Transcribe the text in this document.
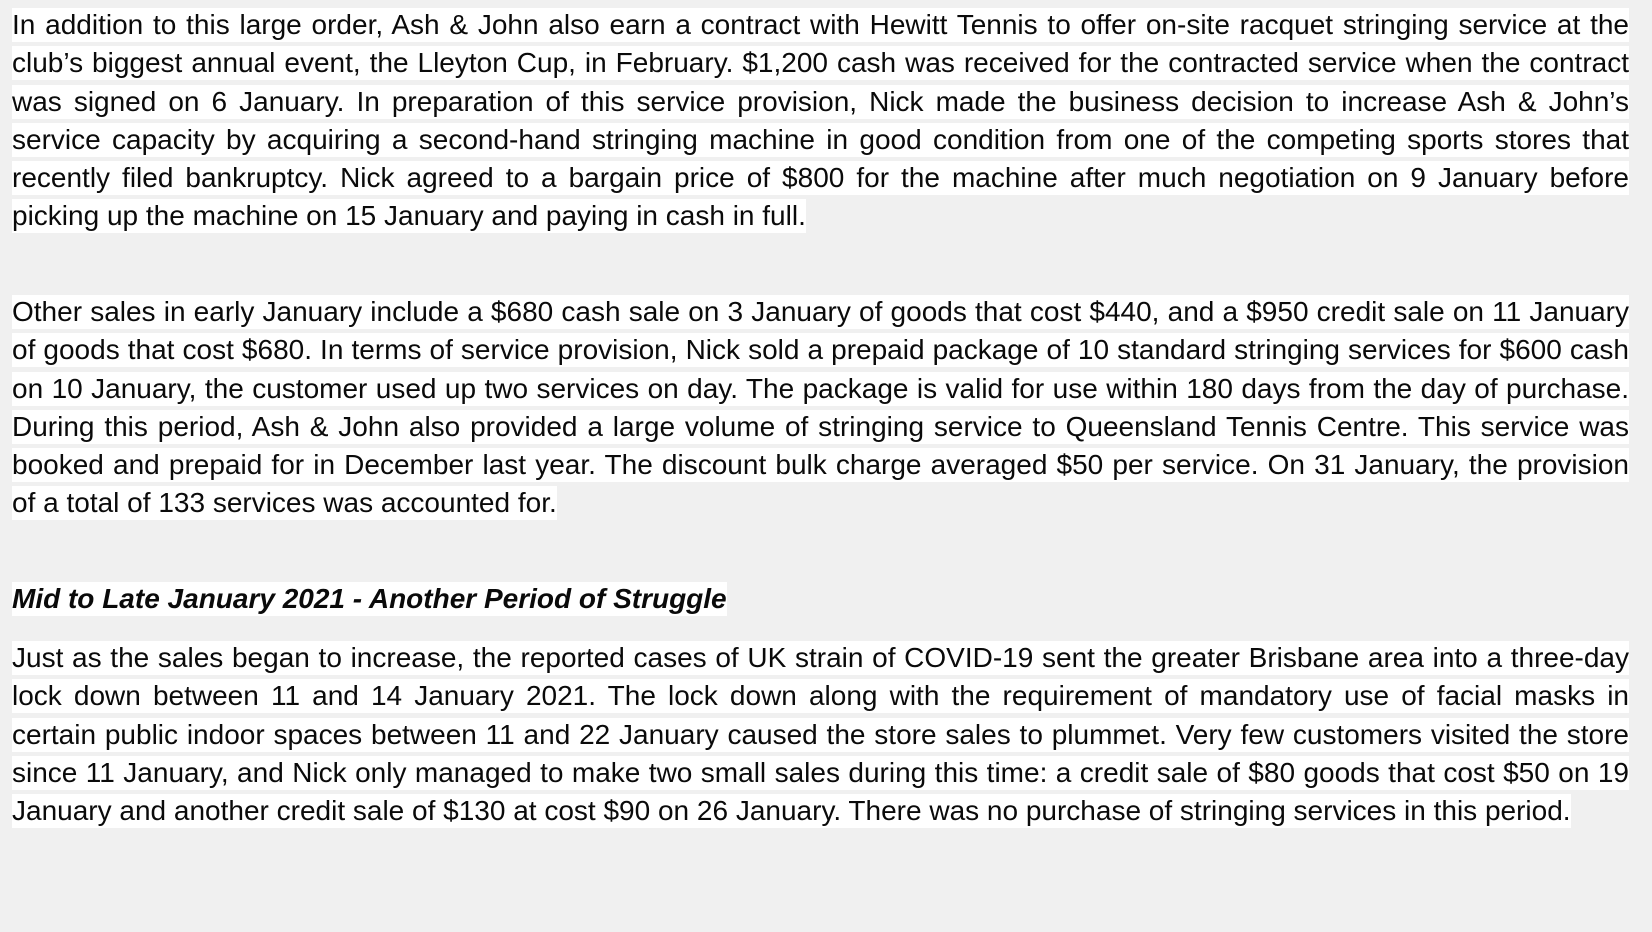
In addition to this large order, Ash & John also earn a contract with Hewitt Tennis to offer on-site racquet stringing service at the club’s biggest annual event, the Lleyton Cup, in February. $1,200 cash was received for the contracted service when the contract was signed on 6 January. In preparation of this service provision, Nick made the business decision to increase Ash & John’s service capacity by acquiring a second-hand stringing machine in good condition from one of the competing sports stores that recently filed bankruptcy. Nick agreed to a bargain price of $800 for the machine after much negotiation on 9 January before picking up the machine on 15 January and paying in cash in full.

Other sales in early January include a $680 cash sale on 3 January of goods that cost $440, and a $950 credit sale on 11 January of goods that cost $680. In terms of service provision, Nick sold a prepaid package of 10 standard stringing services for $600 cash on 10 January, the customer used up two services on day. The package is valid for use within 180 days from the day of purchase. During this period, Ash & John also provided a large volume of stringing service to Queensland Tennis Centre. This service was booked and prepaid for in December last year. The discount bulk charge averaged $50 per service. On 31 January, the provision of a total of 133 services was accounted for.

Mid to Late January 2021 - Another Period of Struggle

Just as the sales began to increase, the reported cases of UK strain of COVID-19 sent the greater Brisbane area into a three-day lock down between 11 and 14 January 2021. The lock down along with the requirement of mandatory use of facial masks in certain public indoor spaces between 11 and 22 January caused the store sales to plummet. Very few customers visited the store since 11 January, and Nick only managed to make two small sales during this time: a credit sale of $80 goods that cost $50 on 19 January and another credit sale of $130 at cost $90 on 26 January. There was no purchase of stringing services in this period.
